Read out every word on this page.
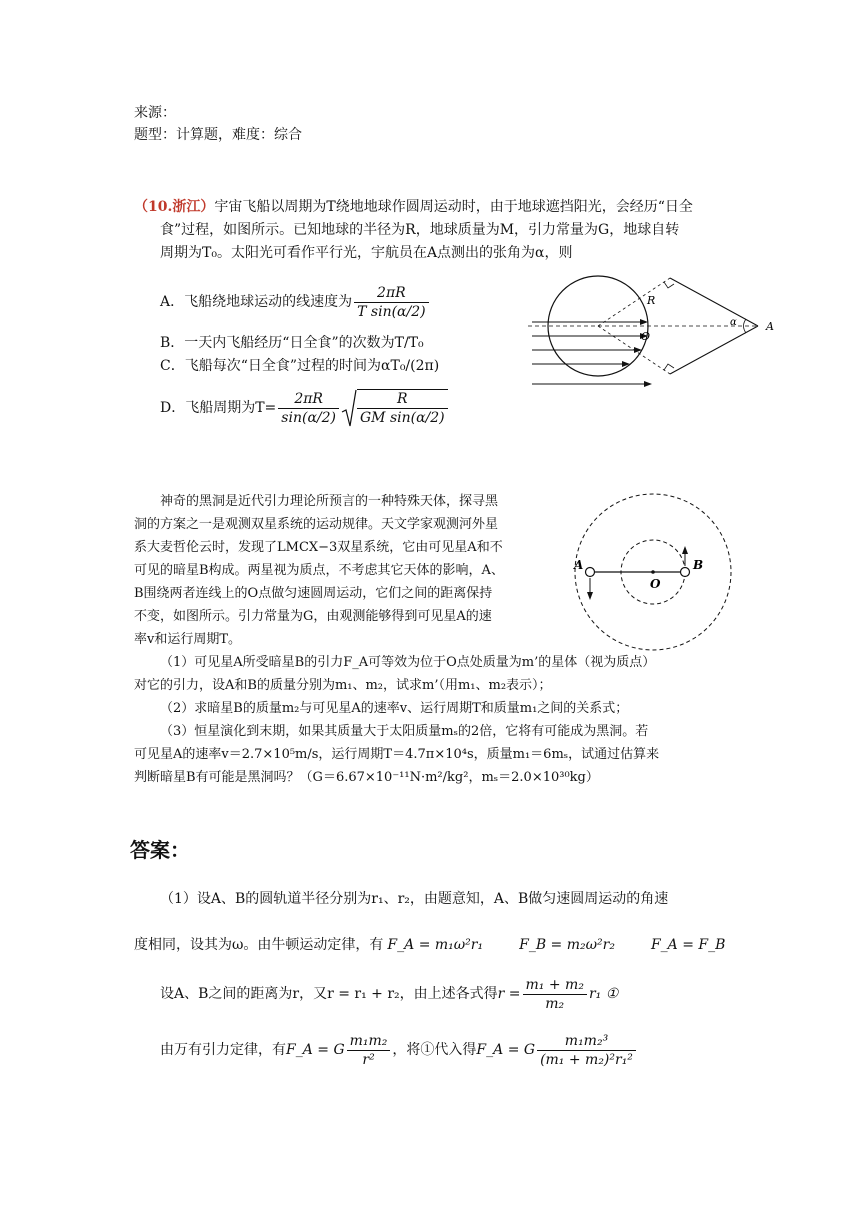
来源：
题型：计算题，难度：综合
（10.浙江）宇宙飞船以周期为T绕地地球作圆周运动时，由于地球遮挡阳光，会经历“日全
食”过程，如图所示。已知地球的半径为R，地球质量为M，引力常量为G，地球自转
周期为T₀。太阳光可看作平行光，宇航员在A点测出的张角为α，则
A．飞船绕地球运动的线速度为 $\frac{2\pi R}{\text{T sin(α/2)}}$
B．一天内飞船经历“日全食”的次数为T/T₀
C．飞船每次“日全食”过程的时间为αT₀/(2π)
D．飞船周期为$T= \frac{2\pi R}{\sin(\alpha/2)} \frac{R}{\text{GM sin(α/2)}}$
R
O
α	A
神奇的黑洞是近代引力理论所预言的一种特殊天体，探寻黑
洞的方案之一是观测双星系统的运动规律。天文学家观测河外星
系大麦哲伦云时，发现了LMCX−3双星系统，它由可见星A和不
可见的暗星B构成。两星视为质点，不考虑其它天体的影响，A、
B围绕两者连线上的O点做匀速圆周运动，它们之间的距离保持
不变，如图所示。引力常量为G，由观测能够得到可见星A的速
率v和运行周期T。
（1）可见星A所受暗星B的引力F_A可等效为位于O点处质量为m’的星体（视为质点）
对它的引力，设A和B的质量分别为m₁、m₂，试求m’（用m₁、m₂表示）；
（2）求暗星B的质量m₂与可见星A的速率v、运行周期T和质量m₁之间的关系式；
（3）恒星演化到末期，如果其质量大于太阳质量mₛ的2倍，它将有可能成为黑洞。若
可见星A的速率v＝2.7×10⁵m/s，运行周期T＝4.7π×10⁴s，质量m₁＝6mₛ，试通过估算来
判断暗星B有可能是黑洞吗？（G＝6.67×10⁻¹¹N·m²/kg²，mₛ＝2.0×10³⁰kg）
A
O
B
答案：
（1）设A、B的圆轨道半径分别为r₁、r₂，由题意知，A、B做匀速圆周运动的角速
度相同，设其为ω。由牛顿运动定律，有 F_A = m₁ω²r₁	F_B = m₂ω²r₂	F_A = F_B
设A、B之间的距离为r，又r = r₁ + r₂，由上述各式得$r = \frac{\text{m₁ + m₂}}{\text{m₂}} r_1$ ①
由万有引力定律，有F_A = G $\frac{\text{m₁m₂}}{\text{r²}}$ ，将①代入得F_A = G $\frac{\text{m₁m₂³}}{\text{(m₁ + m₂)²r₁²}}$
